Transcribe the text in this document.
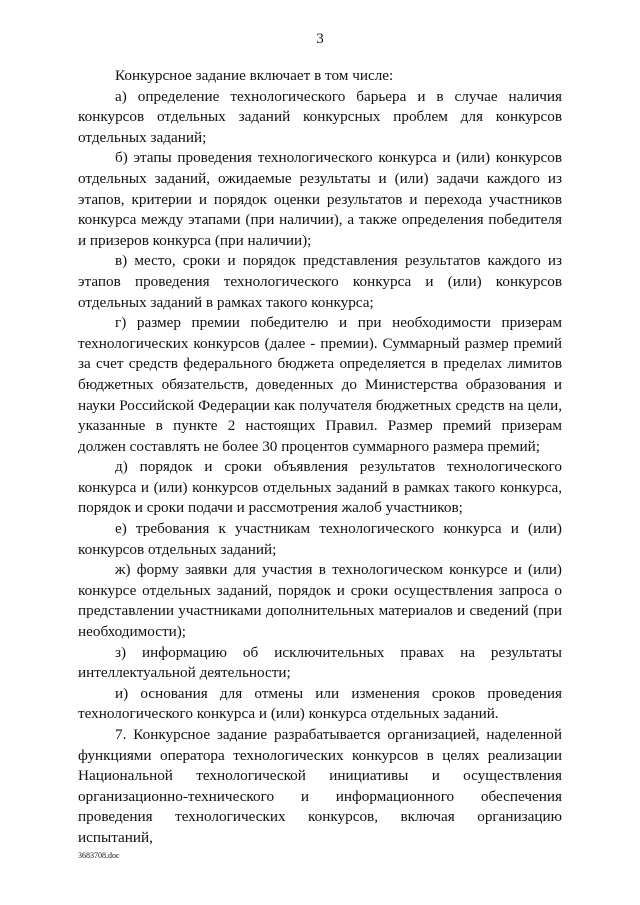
3

Конкурсное задание включает в том числе:

а) определение технологического барьера и в случае наличия конкурсов отдельных заданий конкурсных проблем для конкурсов отдельных заданий;

б) этапы проведения технологического конкурса и (или) конкурсов отдельных заданий, ожидаемые результаты и (или) задачи каждого из этапов, критерии и порядок оценки результатов и перехода участников конкурса между этапами (при наличии), а также определения победителя и призеров конкурса (при наличии);

в) место, сроки и порядок представления результатов каждого из этапов проведения технологического конкурса и (или) конкурсов отдельных заданий в рамках такого конкурса;

г) размер премии победителю и при необходимости призерам технологических конкурсов (далее - премии). Суммарный размер премий за счет средств федерального бюджета определяется в пределах лимитов бюджетных обязательств, доведенных до Министерства образования и науки Российской Федерации как получателя бюджетных средств на цели, указанные в пункте 2 настоящих Правил. Размер премий призерам должен составлять не более 30 процентов суммарного размера премий;

д) порядок и сроки объявления результатов технологического конкурса и (или) конкурсов отдельных заданий в рамках такого конкурса, порядок и сроки подачи и рассмотрения жалоб участников;

е) требования к участникам технологического конкурса и (или) конкурсов отдельных заданий;

ж) форму заявки для участия в технологическом конкурсе и (или) конкурсе отдельных заданий, порядок и сроки осуществления запроса о представлении участниками дополнительных материалов и сведений (при необходимости);

з) информацию об исключительных правах на результаты интеллектуальной деятельности;

и) основания для отмены или изменения сроков проведения технологического конкурса и (или) конкурса отдельных заданий.

7. Конкурсное задание разрабатывается организацией, наделенной функциями оператора технологических конкурсов в целях реализации Национальной технологической инициативы и осуществления организационно-технического и информационного обеспечения проведения технологических конкурсов, включая организацию испытаний,

3683708.doc
